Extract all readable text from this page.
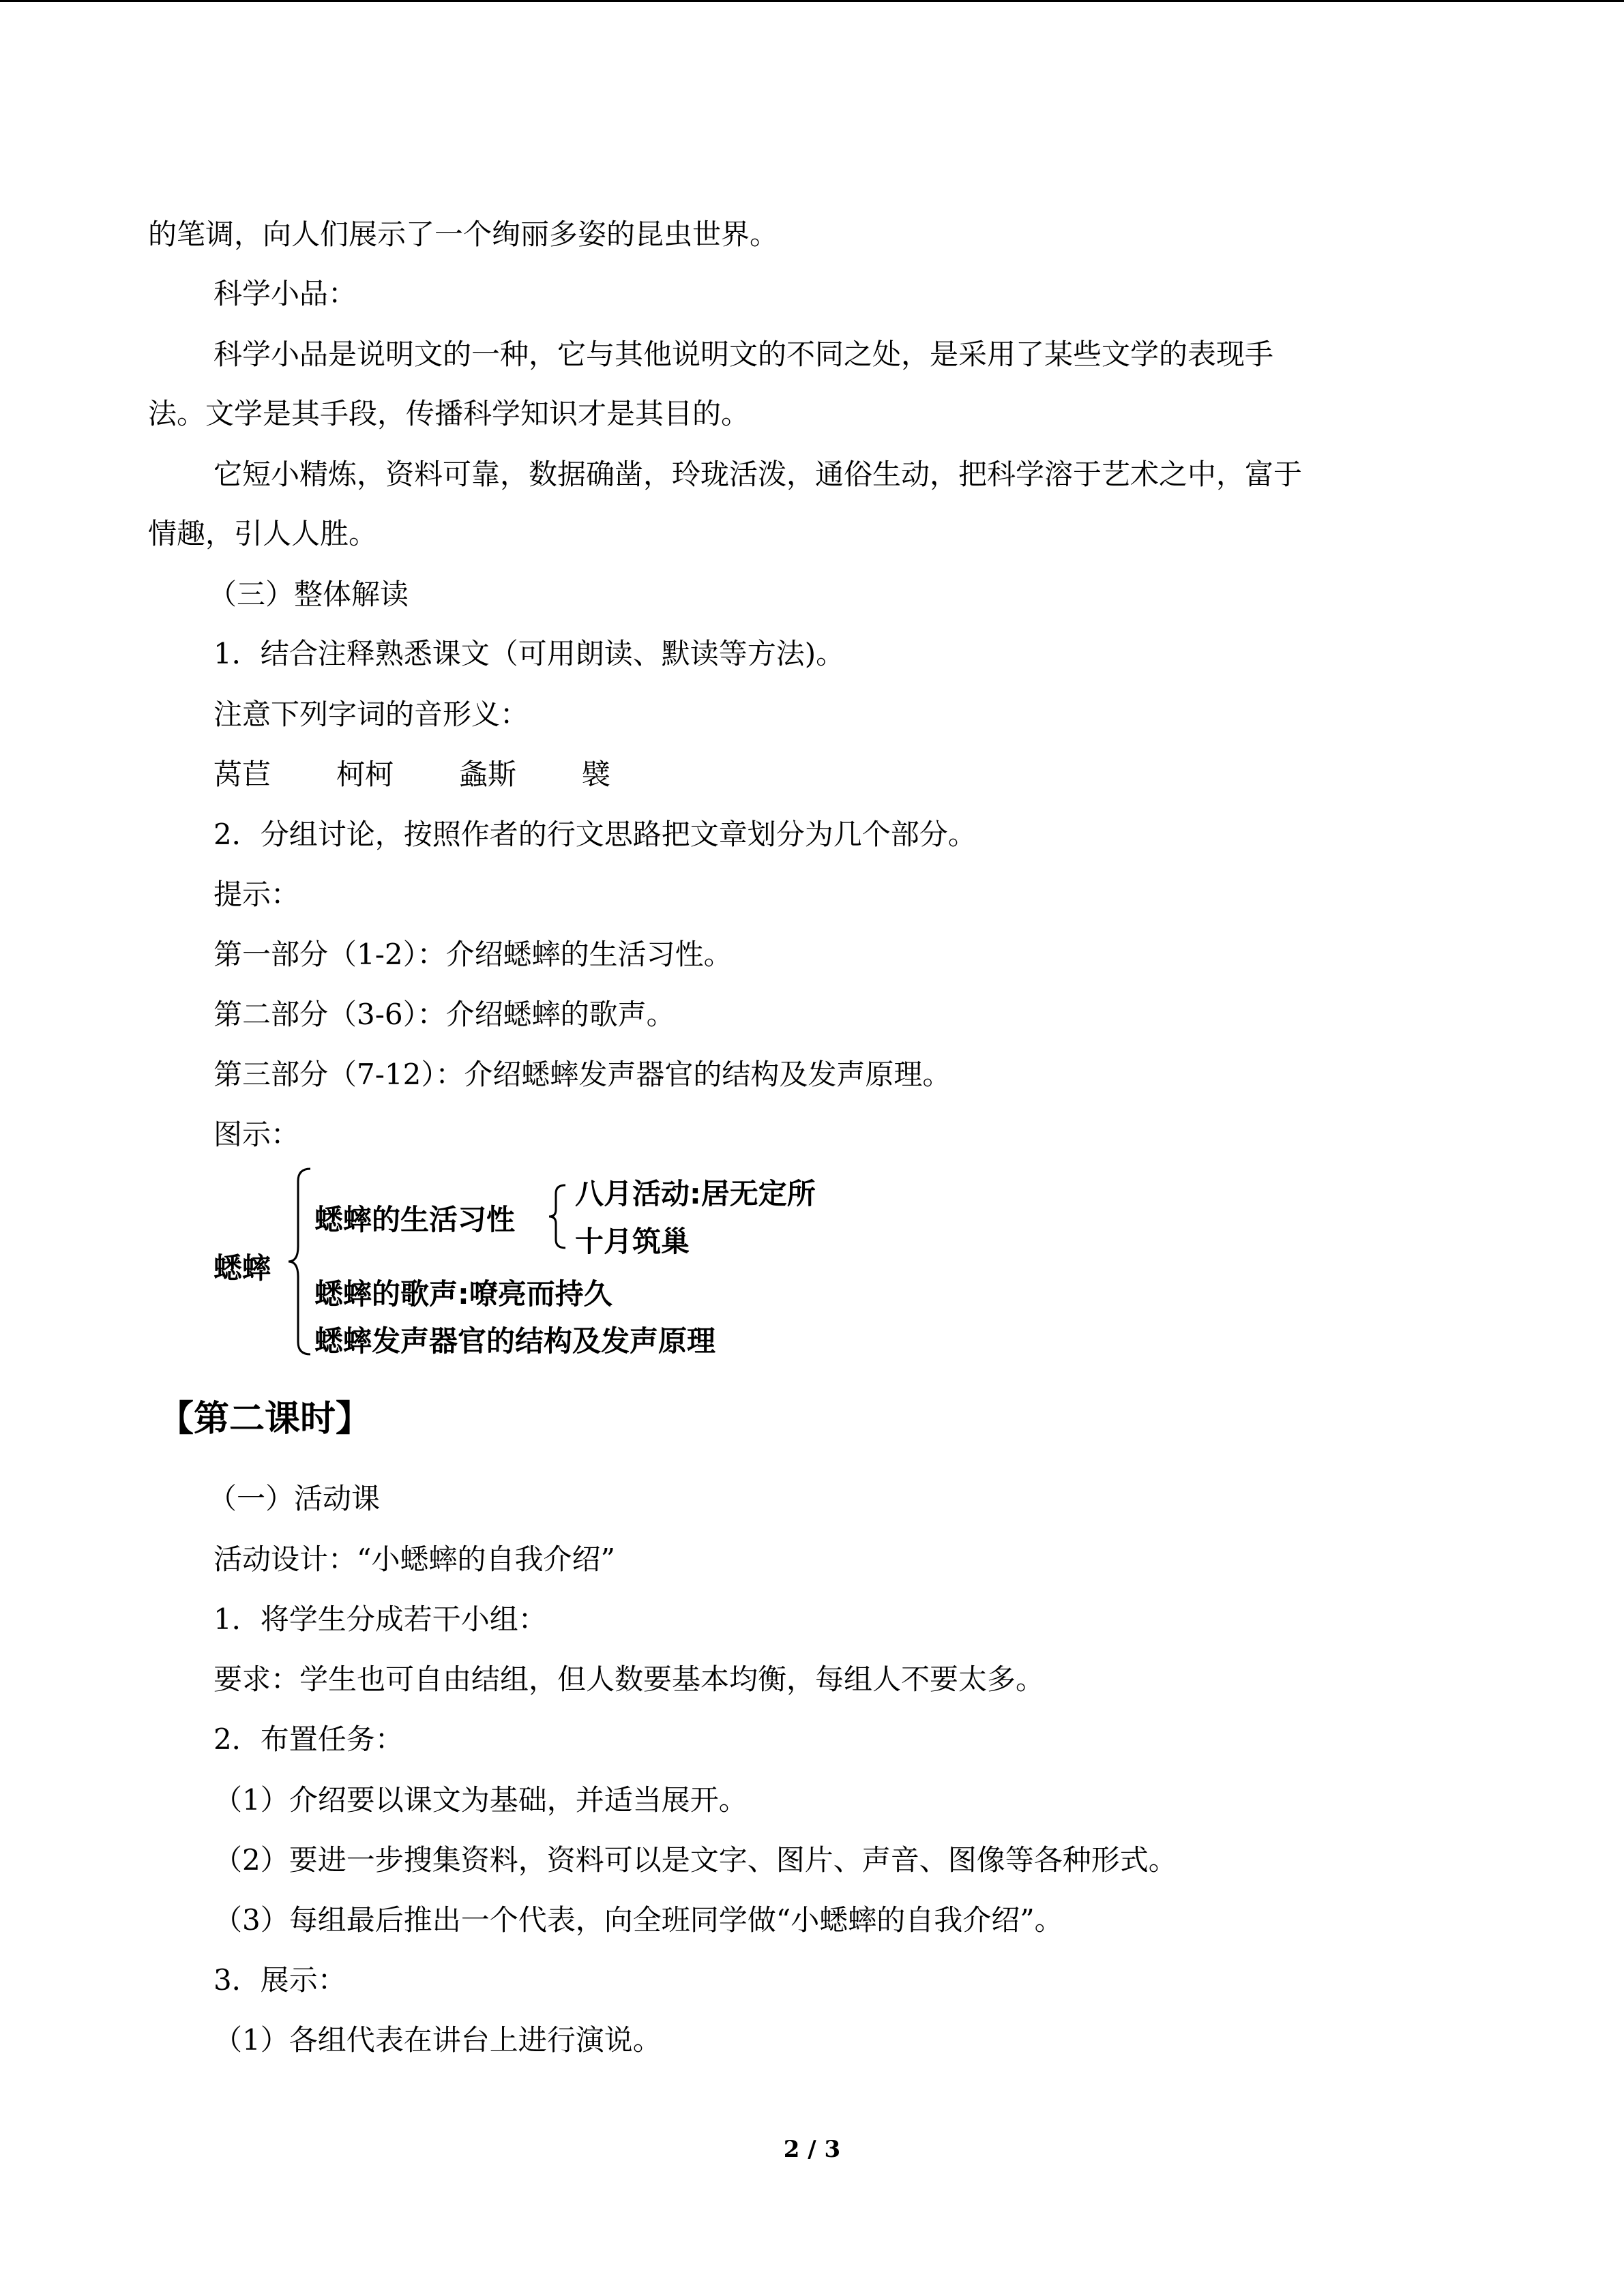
的笔调，向人们展示了一个绚丽多姿的昆虫世界。
科学小品：
科学小品是说明文的一种，它与其他说明文的不同之处，是采用了某些文学的表现手
法。文学是其手段，传播科学知识才是其目的。
它短小精炼，资料可靠，数据确凿，玲珑活泼，通俗生动，把科学溶于艺术之中，富于
情趣，引人人胜。
（三）整体解读
1．结合注释熟悉课文（可用朗读、默读等方法)。
注意下列字词的音形义：
莴苣 柯柯 螽斯 襞
2．分组讨论，按照作者的行文思路把文章划分为几个部分。
提示：
第一部分（1-2）：介绍蟋蟀的生活习性。
第二部分（3-6）：介绍蟋蟀的歌声。
第三部分（7-12）：介绍蟋蟀发声器官的结构及发声原理。
图示：
蟋蟀
蟋蟀的生活习性
八月活动:居无定所
十月筑巢
蟋蟀的歌声:嘹亮而持久
蟋蟀发声器官的结构及发声原理
【第二课时】
（一）活动课
活动设计：“小蟋蟀的自我介绍”
1．将学生分成若干小组：
要求：学生也可自由结组，但人数要基本均衡，每组人不要太多。
2．布置任务：
（1）介绍要以课文为基础，并适当展开。
（2）要进一步搜集资料，资料可以是文字、图片、声音、图像等各种形式。
（3）每组最后推出一个代表，向全班同学做“小蟋蟀的自我介绍”。
3．展示：
（1）各组代表在讲台上进行演说。
2 / 3
